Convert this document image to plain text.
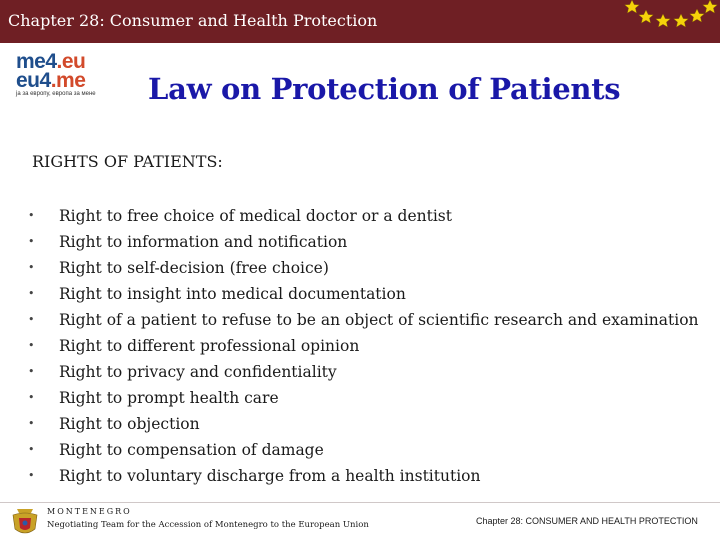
Chapter 28: Consumer and Health Protection
me4.eu
eu4.me
ја за европу, европа за мене	Law on Protection of Patients
RIGHTS OF PATIENTS:
• Right to free choice of medical doctor or a dentist
• Right to information and notification
• Right to self-decision (free choice)
• Right to insight into medical documentation
• Right of a patient to refuse to be an object of scientific research and examination
• Right to different professional opinion
• Right to privacy and confidentiality
• Right to prompt health care
• Right to objection
• Right to compensation of damage
• Right to voluntary discharge from a health institution
MONTENEGRO
Negotiating Team for the Accession of Montenegro to the European Union	Chapter 28: CONSUMER AND HEALTH PROTECTION
